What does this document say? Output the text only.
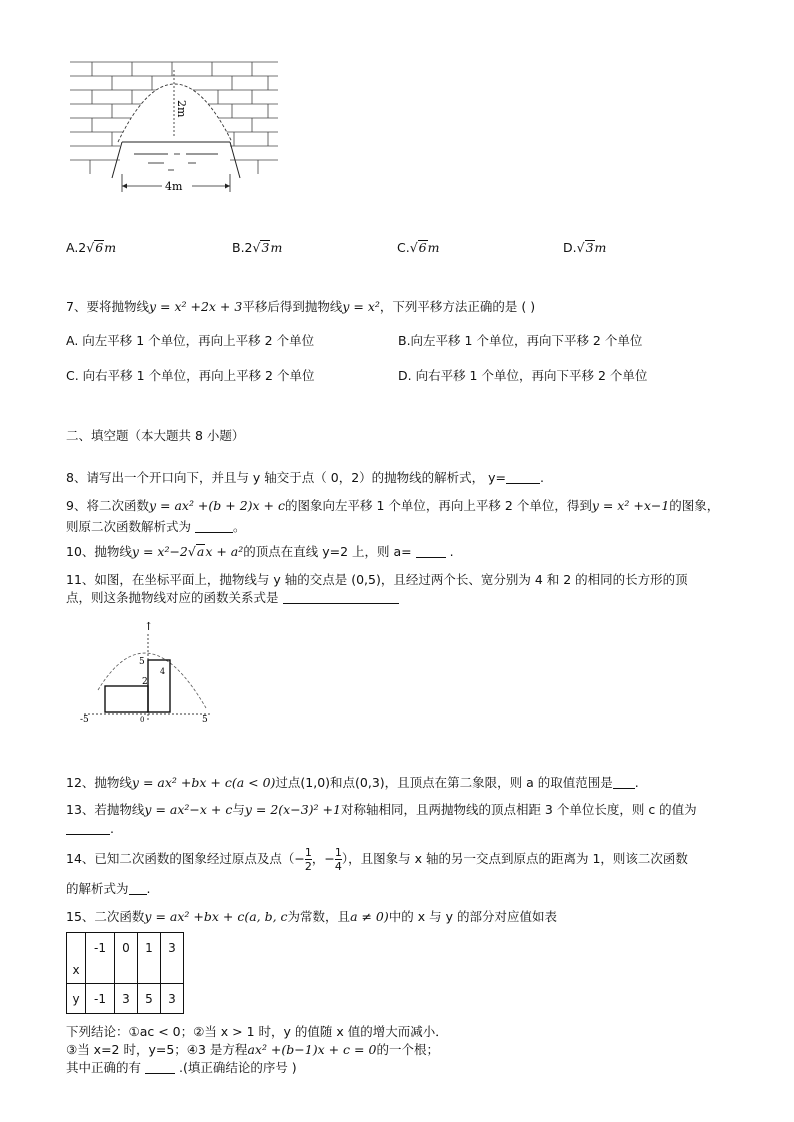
2m
4m
A.2√6m	B.2√3m	C.√6m	D.√3m
7、要将抛物线y = x² +2x + 3平移后得到抛物线y = x²，下列平移方法正确的是 ( )
A. 向左平移 1 个单位，再向上平移 2 个单位	B.向左平移 1 个单位，再向下平移 2 个单位
C. 向右平移 1 个单位，再向上平移 2 个单位	D. 向右平移 1 个单位，再向下平移 2 个单位
二、填空题（本大题共 8 小题）
8、请写出一个开口向下，并且与 y 轴交于点（ 0，2）的抛物线的解析式， y=	.
9、将二次函数y = ax² +(b + 2)x + c的图象向左平移 1 个单位，再向上平移 2 个单位，得到y = x² +x−1的图象，
则原二次函数解析式为	。
10、抛物线y = x²−2√ax + a²的顶点在直线 y=2 上，则 a=	.
11、如图，在坐标平面上，抛物线与 y 轴的交点是 (0,5)，且经过两个长、宽分别为 4 和 2 的相同的长方形的顶
点，则这条抛物线对应的函数关系式是
↑
5
2
4
-5	0	5
12、抛物线y = ax² +bx + c(a < 0)过点(1,0)和点(0,3)，且顶点在第二象限，则 a 的取值范围是 .
13、若抛物线y = ax²−x + c与y = 2(x−3)² +1对称轴相同，且两抛物线的顶点相距 3 个单位长度，则 c 的值为
.
14、已知二次函数的图象经过原点及点（− $\frac{1}{2}$ ，− $\frac{1}{4}$ ），且图象与 x 轴的另一交点到原点的距离为 1，则该二次函数
的解析式为 .
15、二次函数y = ax² +bx + c(a, b, c为常数，且a ≠ 0)中的 x 与 y 的部分对应值如表
x	-1	0	1	3
y	-1	3	5	3
下列结论：①ac < 0；②当 x > 1 时，y 的值随 x 值的增大而减小．
③当 x=2 时，y=5；④3 是方程ax² +(b−1)x + c = 0的一个根；
其中正确的有	.(填正确结论的序号 )
